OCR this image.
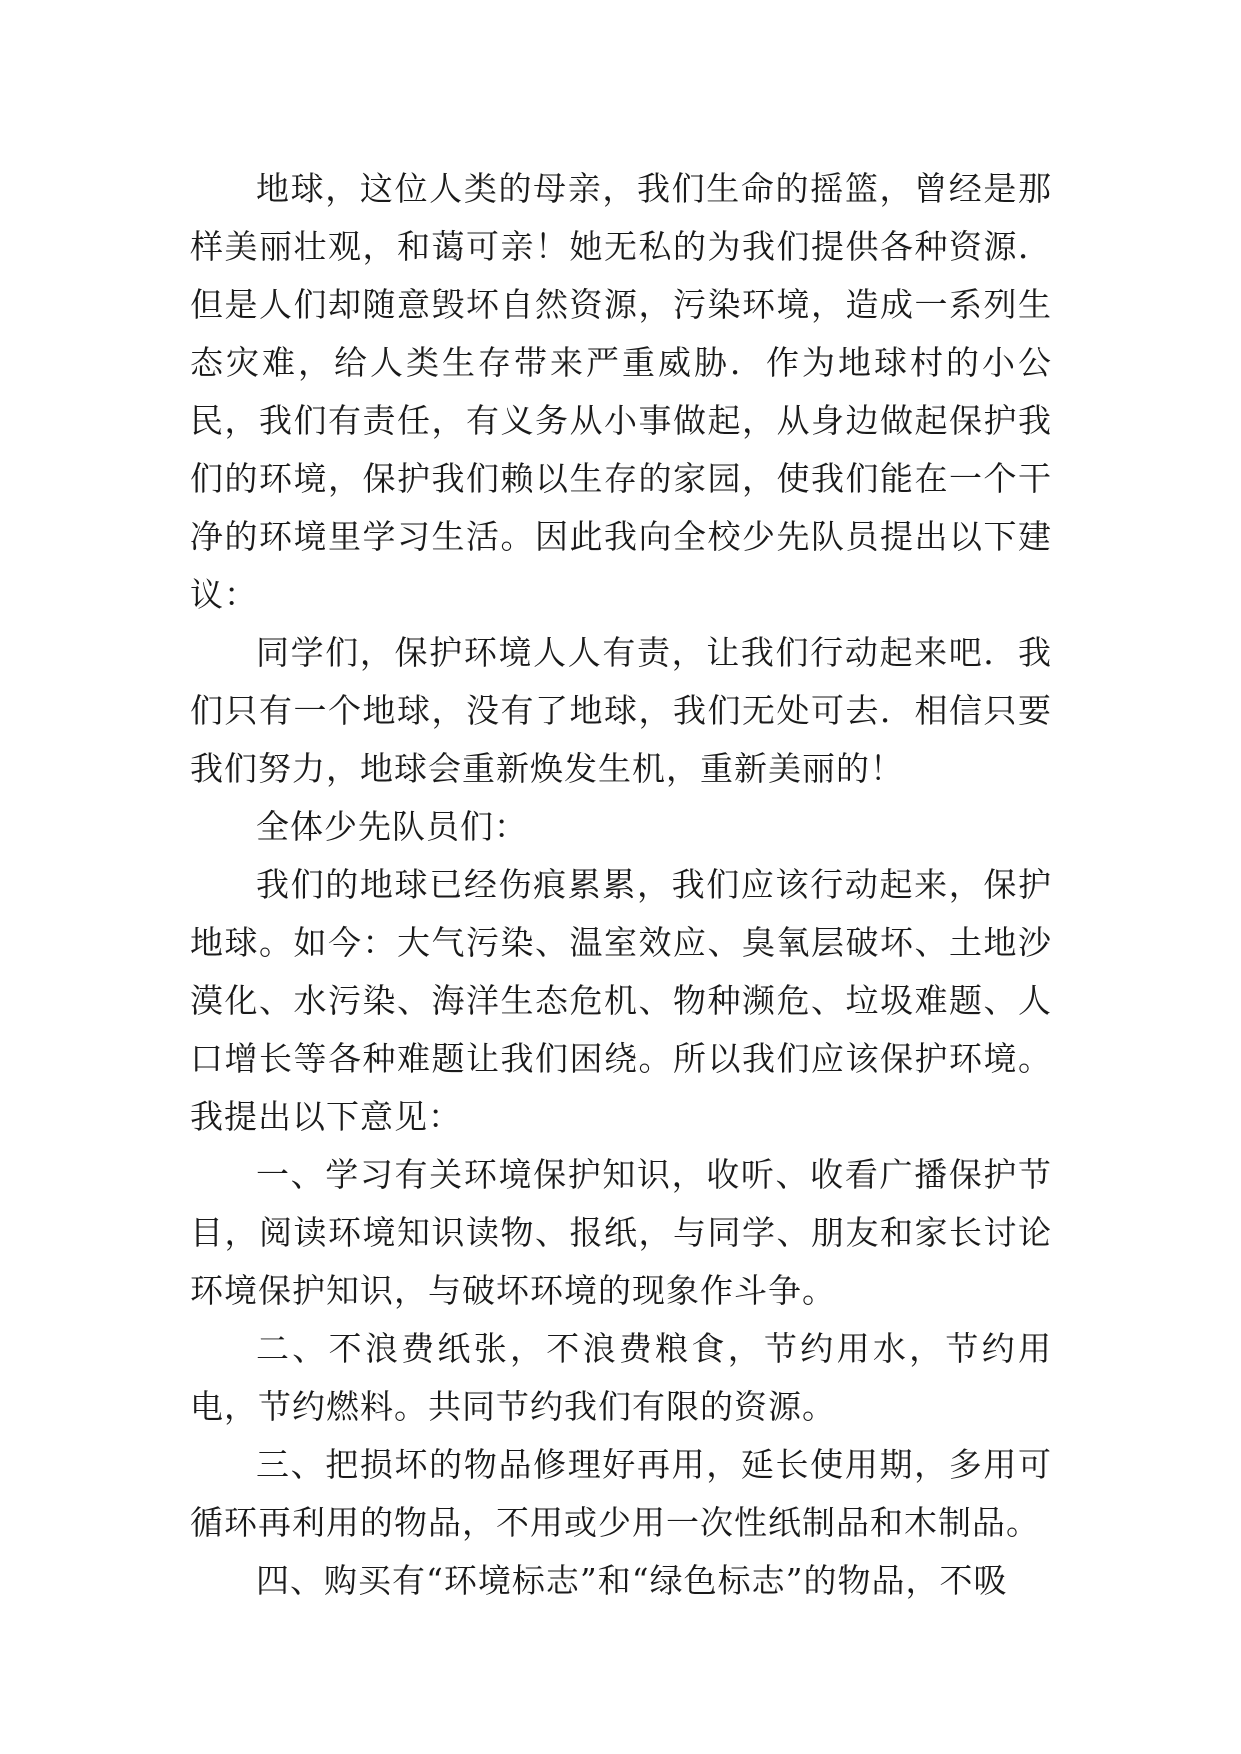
地球，这位人类的母亲，我们生命的摇篮，曾经是那样美丽壮观，和蔼可亲！她无私的为我们提供各种资源．但是人们却随意毁坏自然资源，污染环境，造成一系列生态灾难，给人类生存带来严重威胁．作为地球村的小公民，我们有责任，有义务从小事做起，从身边做起保护我们的环境，保护我们赖以生存的家园，使我们能在一个干净的环境里学习生活。因此我向全校少先队员提出以下建议：

同学们，保护环境人人有责，让我们行动起来吧．我们只有一个地球，没有了地球，我们无处可去．相信只要我们努力，地球会重新焕发生机，重新美丽的！

全体少先队员们：

我们的地球已经伤痕累累，我们应该行动起来，保护地球。如今：大气污染、温室效应、臭氧层破坏、土地沙漠化、水污染、海洋生态危机、物种濒危、垃圾难题、人口增长等各种难题让我们困绕。所以我们应该保护环境。我提出以下意见：

一、学习有关环境保护知识，收听、收看广播保护节目，阅读环境知识读物、报纸，与同学、朋友和家长讨论环境保护知识，与破坏环境的现象作斗争。

二、不浪费纸张，不浪费粮食，节约用水，节约用电，节约燃料。共同节约我们有限的资源。

三、把损坏的物品修理好再用，延长使用期，多用可循环再利用的物品，不用或少用一次性纸制品和木制品。

四、购买有“环境标志”和“绿色标志”的物品，不吸
